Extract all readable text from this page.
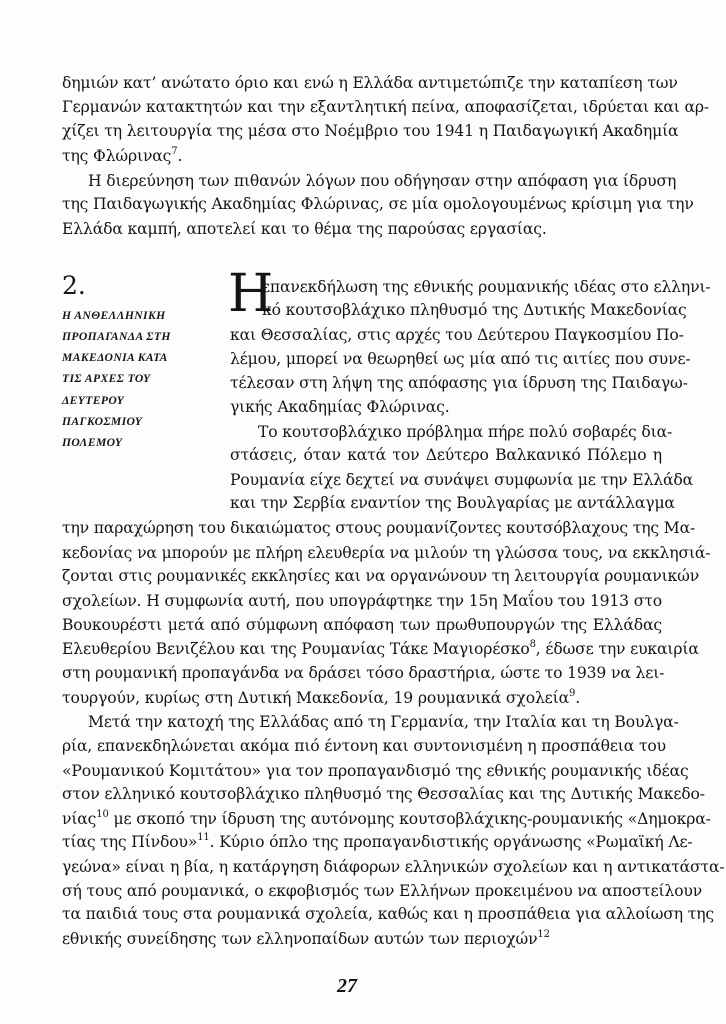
δημιών κατ’ ανώτατο όριο και ενώ η Ελλάδα αντιμετώπιζε την καταπίεση των
Γερμανών κατακτητών και την εξαντλητική πείνα, αποφασίζεται, ιδρύεται και αρ-
χίζει τη λειτουργία της μέσα στο Νοέμβριο του 1941 η Παιδαγωγική Ακαδημία
της Φλώρινας$^7$.
Η διερεύνηση των πιθανών λόγων που οδήγησαν στην απόφαση για ίδρυση
της Παιδαγωγικής Ακαδημίας Φλώρινας, σε μία ομολογουμένως κρίσιμη για την
Ελλάδα καμπή, αποτελεί και το θέμα της παρούσας εργασίας.
2.
Η ΑΝΘΕΛΛΗΝΙΚΗ
ΠΡΟΠΑΓΑΝΔΑ ΣΤΗ
ΜΑΚΕΔΟΝΙΑ ΚΑΤΑ
ΤΙΣ ΑΡΧΕΣ ΤΟΥ
ΔΕΥΤΕΡΟΥ
ΠΑΓΚΟΣΜΙΟΥ
ΠΟΛΕΜΟΥ
Η
επανεκδήλωση της εθνικής ρουμανικής ιδέας στο ελληνι-
κό κουτσοβλάχικο πληθυσμό της Δυτικής Μακεδονίας
και Θεσσαλίας, στις αρχές του Δεύτερου Παγκοσμίου Πο-
λέμου, μπορεί να θεωρηθεί ως μία από τις αιτίες που συνε-
τέλεσαν στη λήψη της απόφασης για ίδρυση της Παιδαγω-
γικής Ακαδημίας Φλώρινας.
Το κουτσοβλάχικο πρόβλημα πήρε πολύ σοβαρές δια-
στάσεις, όταν κατά τον Δεύτερο Βαλκανικό Πόλεμο η
Ρουμανία είχε δεχτεί να συνάψει συμφωνία με την Ελλάδα
και την Σερβία εναντίον της Βουλγαρίας με αντάλλαγμα
την παραχώρηση του δικαιώματος στους ρουμανίζοντες κουτσόβλαχους της Μα-
κεδονίας να μπορούν με πλήρη ελευθερία να μιλούν τη γλώσσα τους, να εκκλησιά-
ζονται στις ρουμανικές εκκλησίες και να οργανώνουν τη λειτουργία ρουμανικών
σχολείων. Η συμφωνία αυτή, που υπογράφτηκε την 15η Μαΐου του 1913 στο
Βουκουρέστι μετά από σύμφωνη απόφαση των πρωθυπουργών της Ελλάδας
Ελευθερίου Βενιζέλου και της Ρουμανίας Τάκε Μαγιορέσκο$^8$, έδωσε την ευκαιρία
στη ρουμανική προπαγάνδα να δράσει τόσο δραστήρια, ώστε το 1939 να λει-
τουργούν, κυρίως στη Δυτική Μακεδονία, 19 ρουμανικά σχολεία$^9$.
Μετά την κατοχή της Ελλάδας από τη Γερμανία, την Ιταλία και τη Βουλγα-
ρία, επανεκδηλώνεται ακόμα πιό έντονη και συντονισμένη η προσπάθεια του
«Ρουμανικού Κομιτάτου» για τον προπαγανδισμό της εθνικής ρουμανικής ιδέας
στον ελληνικό κουτσοβλάχικο πληθυσμό της Θεσσαλίας και της Δυτικής Μακεδο-
νίας$^{10}$ με σκοπό την ίδρυση της αυτόνομης κουτσοβλάχικης-ρουμανικής «Δημοκρα-
τίας της Πίνδου»$^{11}$. Κύριο όπλο της προπαγανδιστικής οργάνωσης «Ρωμαϊκή Λε-
γεώνα» είναι η βία, η κατάργηση διάφορων ελληνικών σχολείων και η αντικατάστα-
σή τους από ρουμανικά, ο εκφοβισμός των Ελλήνων προκειμένου να αποστείλουν
τα παιδιά τους στα ρουμανικά σχολεία, καθώς και η προσπάθεια για αλλοίωση της
27
εθνικής συνείδησης των ελληνοπαίδων αυτών των περιοχών$^{12}$
